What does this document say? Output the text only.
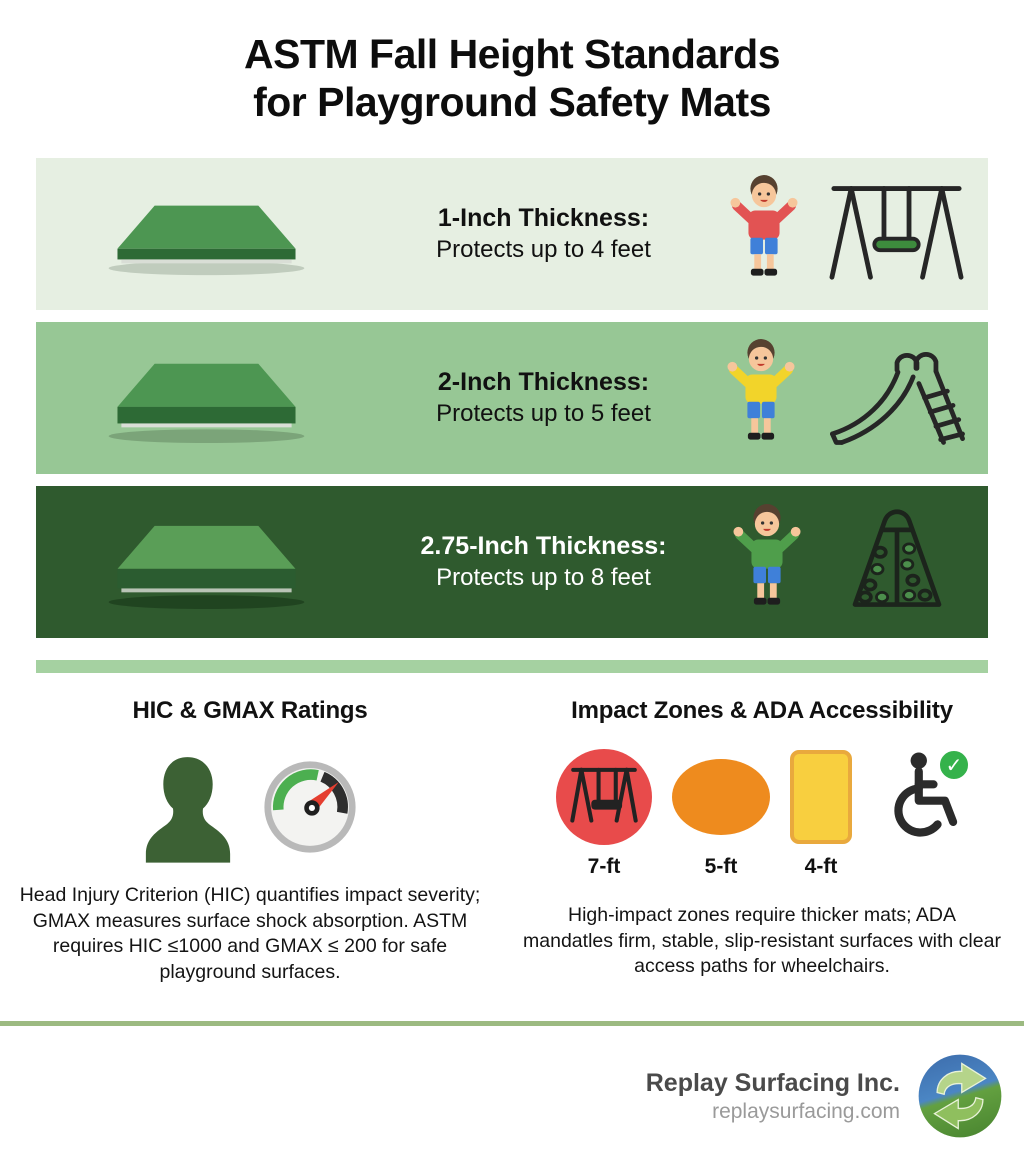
ASTM Fall Height Standards
for Playground Safety Mats
1-Inch Thickness:
Protects up to 4 feet
2-Inch Thickness:
Protects up to 5 feet
2.75-Inch Thickness:
Protects up to 8 feet
HIC & GMAX Ratings

Head Injury Criterion (HIC) quantifies impact severity; GMAX measures surface shock absorption. ASTM requires HIC ≤1000 and GMAX ≤ 200 for safe playground surfaces.

Impact Zones & ADA Accessibility
7-ft	5-ft	4-ft
✓

High-impact zones require thicker mats; ADA mandatles firm, stable, slip-resistant surfaces with clear access paths for wheelchairs.

Replay Surfacing Inc.
replaysurfacing.com
